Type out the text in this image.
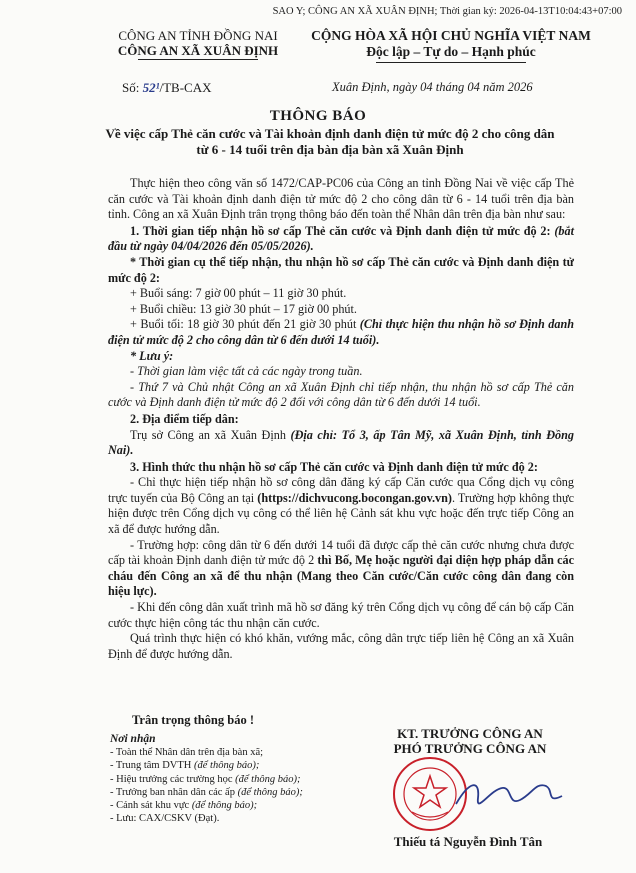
SAO Y; CÔNG AN XÃ XUÂN ĐỊNH; Thời gian ký: 2026-04-13T10:04:43+07:00
CÔNG AN TỈNH ĐỒNG NAI
CÔNG AN XÃ XUÂN ĐỊNH
CỘNG HÒA XÃ HỘI CHỦ NGHĨA VIỆT NAM
Độc lập – Tự do – Hạnh phúc
Số: 52¹/TB-CAX	Xuân Định, ngày 04 tháng 04 năm 2026
THÔNG BÁO
Về việc cấp Thẻ căn cước và Tài khoản định danh điện tử mức độ 2 cho công dân từ 6 - 14 tuổi trên địa bàn địa bàn xã Xuân Định

Thực hiện theo công văn số 1472/CAP-PC06 của Công an tỉnh Đồng Nai về việc cấp Thẻ căn cước và Tài khoản định danh điện tử mức độ 2 cho công dân từ 6 - 14 tuổi trên địa bàn tỉnh. Công an xã Xuân Định trân trọng thông báo đến toàn thể Nhân dân trên địa bàn như sau:

1. Thời gian tiếp nhận hồ sơ cấp Thẻ căn cước và Định danh điện tử mức độ 2: (bắt đầu từ ngày 04/04/2026 đến 05/05/2026).

* Thời gian cụ thể tiếp nhận, thu nhận hồ sơ cấp Thẻ căn cước và Định danh điện tử mức độ 2:

+ Buổi sáng: 7 giờ 00 phút – 11 giờ 30 phút.

+ Buổi chiều: 13 giờ 30 phút – 17 giờ 00 phút.

+ Buổi tối: 18 giờ 30 phút đến 21 giờ 30 phút (Chỉ thực hiện thu nhận hồ sơ Định danh điện tử mức độ 2 cho công dân từ 6 đến dưới 14 tuổi).

* Lưu ý:

- Thời gian làm việc tất cả các ngày trong tuần.

- Thứ 7 và Chủ nhật Công an xã Xuân Định chỉ tiếp nhận, thu nhận hồ sơ cấp Thẻ căn cước và Định danh điện tử mức độ 2 đối với công dân từ 6 đến dưới 14 tuổi.

2. Địa điểm tiếp dân:

Trụ sở Công an xã Xuân Định (Địa chỉ: Tổ 3, ấp Tân Mỹ, xã Xuân Định, tỉnh Đồng Nai).

3. Hình thức thu nhận hồ sơ cấp Thẻ căn cước và Định danh điện tử mức độ 2:

- Chỉ thực hiện tiếp nhận hồ sơ công dân đăng ký cấp Căn cước qua Cổng dịch vụ công trực tuyến của Bộ Công an tại (https://dichvucong.bocongan.gov.vn). Trường hợp không thực hiện được trên Cổng dịch vụ công có thể liên hệ Cảnh sát khu vực hoặc đến trực tiếp Công an xã để được hướng dẫn.

- Trường hợp: công dân từ 6 đến dưới 14 tuổi đã được cấp thẻ căn cước nhưng chưa được cấp tài khoản Định danh điện tử mức độ 2 thì Bố, Mẹ hoặc người đại diện hợp pháp dẫn các cháu đến Công an xã để thu nhận (Mang theo Căn cước/Căn cước công dân đang còn hiệu lực).

- Khi đến công dân xuất trình mã hồ sơ đăng ký trên Cổng dịch vụ công để cán bộ cấp Căn cước thực hiện công tác thu nhận căn cước.

Quá trình thực hiện có khó khăn, vướng mắc, công dân trực tiếp liên hệ Công an xã Xuân Định để được hướng dẫn.

Trân trọng thông báo !
Nơi nhận
- Toàn thể Nhân dân trên địa bàn xã;
- Trung tâm DVTH (để thông báo);
- Hiệu trưởng các trường học (để thông báo);
- Trưởng ban nhân dân các ấp (để thông báo);
- Cảnh sát khu vực (để thông báo);
- Lưu: CAX/CSKV (Đạt).
KT. TRƯỞNG CÔNG AN
PHÓ TRƯỞNG CÔNG AN
Thiếu tá Nguyễn Đình Tân
